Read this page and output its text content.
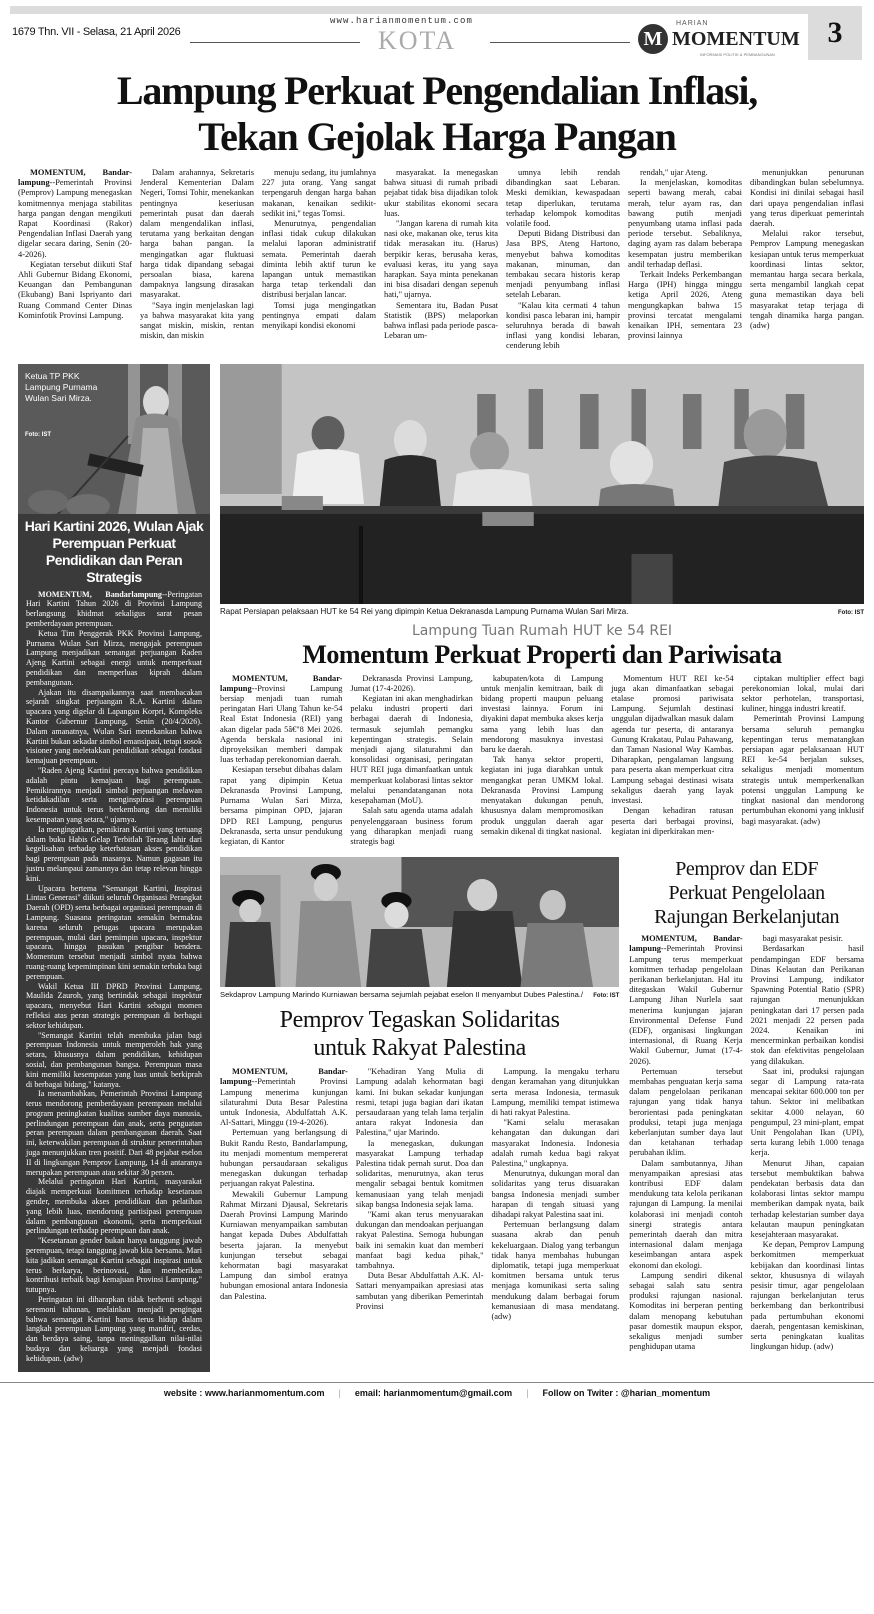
3
1679 Thn. VII - Selasa, 21 April 2026
www.harianmomentum.com
KOTA	M
HARIAN
MOMENTUM
INFORMASI POLITIK & PEMBANGUNAN
Lampung Perkuat Pengendalian Inflasi,
Tekan Gejolak Harga Pangan

MOMENTUM, Bandar-lampung--Pemerintah Provinsi (Pemprov) Lampung menegaskan komitmennya menjaga stabilitas harga pangan dengan mengikuti Rapat Koordinasi (Rakor) Pengendalian Inflasi Daerah yang digelar secara daring, Senin (20-4-2026).

Kegiatan tersebut diikuti Staf Ahli Gubernur Bidang Ekonomi, Keuangan dan Pembangunan (Ekubang) Bani Ispriyanto dari Ruang Command Center Dinas Kominfotik Provinsi Lampung.

Dalam arahannya, Sekretaris Jenderal Kementerian Dalam Negeri, Tomsi Tohir, menekankan pentingnya keseriusan pemerintah pusat dan daerah dalam mengendalikan inflasi, terutama yang berkaitan dengan harga bahan pangan. Ia mengingatkan agar fluktuasi harga tidak dipandang sebagai persoalan biasa, karena dampaknya langsung dirasakan masyarakat.

"Saya ingin menjelaskan lagi ya bahwa masyarakat kita yang sangat miskin, miskin, rentan miskin, dan miskin

menuju sedang, itu jumlahnya 227 juta orang. Yang sangat terpengaruh dengan harga bahan makanan, kenaikan sedikit-sedikit ini," tegas Tomsi.

Menurutnya, pengendalian inflasi tidak cukup dilakukan melalui laporan administratif semata. Pemerintah daerah diminta lebih aktif turun ke lapangan untuk memastikan harga tetap terkendali dan distribusi berjalan lancar.

Tomsi juga mengingatkan pentingnya empati dalam menyikapi kondisi ekonomi

masyarakat. Ia menegaskan bahwa situasi di rumah pribadi pejabat tidak bisa dijadikan tolok ukur stabilitas ekonomi secara luas.

"Jangan karena di rumah kita nasi oke, makanan oke, terus kita tidak merasakan itu. (Harus) berpikir keras, berusaha keras, evaluasi keras, itu yang saya harapkan. Saya minta penekanan ini bisa disadari dengan sepenuh hati," ujarnya.

Sementara itu, Badan Pusat Statistik (BPS) melaporkan bahwa inflasi pada periode pasca-Lebaran um-

umnya lebih rendah dibandingkan saat Lebaran. Meski demikian, kewaspadaan tetap diperlukan, terutama terhadap kelompok komoditas volatile food.

Deputi Bidang Distribusi dan Jasa BPS, Ateng Hartono, menyebut bahwa komoditas makanan, minuman, dan tembakau secara historis kerap menjadi penyumbang inflasi setelah Lebaran.

"Kalau kita cermati 4 tahun kondisi pasca lebaran ini, hampir seluruhnya berada di bawah inflasi yang kondisi lebaran, cenderung lebih

rendah," ujar Ateng.

Ia menjelaskan, komoditas seperti bawang merah, cabai merah, telur ayam ras, dan bawang putih menjadi penyumbang utama inflasi pada periode tersebut. Sebaliknya, daging ayam ras dalam beberapa kesempatan justru memberikan andil terhadap deflasi.

Terkait Indeks Perkembangan Harga (IPH) hingga minggu ketiga April 2026, Ateng mengungkapkan bahwa 15 provinsi tercatat mengalami kenaikan IPH, sementara 23 provinsi lainnya

menunjukkan penurunan dibandingkan bulan sebelumnya. Kondisi ini dinilai sebagai hasil dari upaya pengendalian inflasi yang terus diperkuat pemerintah daerah.

Melalui rakor tersebut, Pemprov Lampung menegaskan kesiapan untuk terus memperkuat koordinasi lintas sektor, memantau harga secara berkala, serta mengambil langkah cepat guna memastikan daya beli masyarakat tetap terjaga di tengah dinamika harga pangan. (adw)

Ketua TP PKK Lampung Purnama Wulan Sari Mirza.
Foto: IST
Hari Kartini 2026, Wulan Ajak Perempuan Perkuat Pendidikan dan Peran Strategis

MOMENTUM, Bandarlampung--Peringatan Hari Kartini Tahun 2026 di Provinsi Lampung berlangsung khidmat sekaligus sarat pesan pemberdayaan perempuan.

Ketua Tim Penggerak PKK Provinsi Lampung, Purnama Wulan Sari Mirza, mengajak perempuan Lampung menjadikan semangat perjuangan Raden Ajeng Kartini sebagai energi untuk memperkuat pendidikan dan memperluas kiprah dalam pembangunan.

Ajakan itu disampaikannya saat membacakan sejarah singkat perjuangan R.A. Kartini dalam upacara yang digelar di Lapangan Korpri, Kompleks Kantor Gubernur Lampung, Senin (20/4/2026). Dalam amanatnya, Wulan Sari menekankan bahwa Kartini bukan sekadar simbol emansipasi, tetapi sosok visioner yang meletakkan pendidikan sebagai fondasi kemajuan perempuan.

"Raden Ajeng Kartini percaya bahwa pendidikan adalah pintu kemajuan bagi perempuan. Pemikirannya menjadi simbol perjuangan melawan ketidakadilan serta menginspirasi perempuan Indonesia untuk terus berkembang dan memiliki kesempatan yang setara," ujarnya.

Ia mengingatkan, pemikiran Kartini yang tertuang dalam buku Habis Gelap Terbitlah Terang lahir dari kegelisahan terhadap keterbatasan akses pendidikan bagi perempuan pada masanya. Namun gagasan itu justru melampaui zamannya dan tetap relevan hingga kini.

Upacara bertema "Semangat Kartini, Inspirasi Lintas Generasi" diikuti seluruh Organisasi Perangkat Daerah (OPD) serta berbagai organisasi perempuan di Lampung. Suasana peringatan semakin bermakna karena seluruh petugas upacara merupakan perempuan, mulai dari pemimpin upacara, inspektur upacara, hingga pasukan pengibar bendera. Momentum tersebut menjadi simbol nyata bahwa ruang-ruang kepemimpinan kini semakin terbuka bagi perempuan.

Wakil Ketua III DPRD Provinsi Lampung, Maulida Zauroh, yang bertindak sebagai inspektur upacara, menyebut Hari Kartini sebagai momen refleksi atas peran strategis perempuan di berbagai sektor kehidupan.

"Semangat Kartini telah membuka jalan bagi perempuan Indonesia untuk memperoleh hak yang setara, khususnya dalam pendidikan, kehidupan sosial, dan pembangunan bangsa. Perempuan masa kini memiliki kesempatan yang luas untuk berkiprah di berbagai bidang," katanya.

Ia menambahkan, Pemerintah Provinsi Lampung terus mendorong pemberdayaan perempuan melalui program peningkatan kualitas sumber daya manusia, perlindungan perempuan dan anak, serta penguatan peran perempuan dalam pembangunan daerah. Saat ini, keterwakilan perempuan di struktur pemerintahan juga menunjukkan tren positif. Dari 48 pejabat eselon II di lingkungan Pemprov Lampung, 14 di antaranya merupakan perempuan atau sekitar 30 persen.

Melalui peringatan Hari Kartini, masyarakat diajak memperkuat komitmen terhadap kesetaraan gender, membuka akses pendidikan dan pelatihan yang lebih luas, mendorong partisipasi perempuan dalam pembangunan ekonomi, serta memperkuat perlindungan terhadap perempuan dan anak.

"Kesetaraan gender bukan hanya tanggung jawab perempuan, tetapi tanggung jawab kita bersama. Mari kita jadikan semangat Kartini sebagai inspirasi untuk terus berkarya, berinovasi, dan memberikan kontribusi terbaik bagi kemajuan Provinsi Lampung," tutupnya.

Peringatan ini diharapkan tidak berhenti sebagai seremoni tahunan, melainkan menjadi pengingat bahwa semangat Kartini harus terus hidup dalam langkah perempuan Lampung yang mandiri, cerdas, dan berdaya saing, tanpa meninggalkan nilai-nilai budaya dan keluarga yang menjadi fondasi kehidupan. (adw)

Rapat Persiapan pelaksaan HUT ke 54 Rei yang dipimpin Ketua Dekranasda Lampung Purnama Wulan Sari Mirza.	Foto: IST
Lampung Tuan Rumah HUT ke 54 REI
Momentum Perkuat Properti dan Pariwisata

MOMENTUM, Bandar-lampung--Provinsi Lampung bersiap menjadi tuan rumah peringatan Hari Ulang Tahun ke-54 Real Estat Indonesia (REI) yang akan digelar pada 5â€"8 Mei 2026. Agenda berskala nasional ini diproyeksikan memberi dampak luas terhadap perekonomian daerah.

Kesiapan tersebut dibahas dalam rapat yang dipimpin Ketua Dekranasda Provinsi Lampung, Purnama Wulan Sari Mirza, bersama pimpinan OPD, jajaran DPD REI Lampung, pengurus Dekranasda, serta unsur pendukung kegiatan, di Kantor

Dekranasda Provinsi Lampung, Jumat (17-4-2026).

Kegiatan ini akan menghadirkan pelaku industri properti dari berbagai daerah di Indonesia, termasuk sejumlah pemangku kepentingan strategis. Selain menjadi ajang silaturahmi dan konsolidasi organisasi, peringatan HUT REI juga dimanfaatkan untuk memperkuat kolaborasi lintas sektor melalui penandatanganan nota kesepahaman (MoU).

Salah satu agenda utama adalah penyelenggaraan business forum yang diharapkan menjadi ruang strategis bagi

kabupaten/kota di Lampung untuk menjalin kemitraan, baik di bidang properti maupun peluang investasi lainnya. Forum ini diyakini dapat membuka akses kerja sama yang lebih luas dan mendorong masuknya investasi baru ke daerah.

Tak hanya sektor properti, kegiatan ini juga diarahkan untuk mengangkat peran UMKM lokal. Dekranasda Provinsi Lampung menyatakan dukungan penuh, khususnya dalam mempromosikan produk unggulan daerah agar semakin dikenal di tingkat nasional.

Momentum HUT REI ke-54 juga akan dimanfaatkan sebagai etalase promosi pariwisata Lampung. Sejumlah destinasi unggulan dijadwalkan masuk dalam agenda tur peserta, di antaranya Gunung Krakatau, Pulau Pahawang, dan Taman Nasional Way Kambas. Diharapkan, pengalaman langsung para peserta akan memperkuat citra Lampung sebagai destinasi wisata sekaligus daerah yang layak investasi.

Dengan kehadiran ratusan peserta dari berbagai provinsi, kegiatan ini diperkirakan men-

ciptakan multiplier effect bagi perekonomian lokal, mulai dari sektor perhotelan, transportasi, kuliner, hingga industri kreatif.

Pemerintah Provinsi Lampung bersama seluruh pemangku kepentingan terus mematangkan persiapan agar pelaksanaan HUT REI ke-54 berjalan sukses, sekaligus menjadi momentum strategis untuk memperkenalkan potensi unggulan Lampung ke tingkat nasional dan mendorong pertumbuhan ekonomi yang inklusif bagi masyarakat. (adw)

Sekdaprov Lampung Marindo Kurniawan bersama sejumlah pejabat eselon II menyambut Dubes Palestina./ Foto: IST
Pemprov Tegaskan Solidaritas
untuk Rakyat Palestina

MOMENTUM, Bandar-lampung--Pemerintah Provinsi Lampung menerima kunjungan silaturahmi Duta Besar Palestina untuk Indonesia, Abdulfattah A.K. Al-Sattari, Minggu (19-4-2026).

Pertemuan yang berlangsung di Bukit Randu Resto, Bandarlampung, itu menjadi momentum mempererat hubungan persaudaraan sekaligus menegaskan dukungan terhadap perjuangan rakyat Palestina.

Mewakili Gubernur Lampung Rahmat Mirzani Djausal, Sekretaris Daerah Provinsi Lampung Marindo Kurniawan menyampaikan sambutan hangat kepada Dubes Abdulfattah beserta jajaran. Ia menyebut kunjungan tersebut sebagai kehormatan bagi masyarakat Lampung dan simbol eratnya hubungan emosional antara Indonesia dan Palestina.

"Kehadiran Yang Mulia di Lampung adalah kehormatan bagi kami. Ini bukan sekadar kunjungan resmi, tetapi juga bagian dari ikatan persaudaraan yang telah lama terjalin antara rakyat Indonesia dan Palestina," ujar Marindo.

Ia menegaskan, dukungan masyarakat Lampung terhadap Palestina tidak pernah surut. Doa dan solidaritas, menurutnya, akan terus mengalir sebagai bentuk komitmen kemanusiaan yang telah menjadi sikap bangsa Indonesia sejak lama.

"Kami akan terus menyuarakan dukungan dan mendoakan perjuangan rakyat Palestina. Semoga hubungan baik ini semakin kuat dan memberi manfaat bagi kedua pihak," tambahnya.

Duta Besar Abdulfattah A.K. Al-Sattari menyampaikan apresiasi atas sambutan yang diberikan Pemerintah Provinsi

Lampung. Ia mengaku terharu dengan keramahan yang ditunjukkan serta merasa Indonesia, termasuk Lampung, memiliki tempat istimewa di hati rakyat Palestina.

"Kami selalu merasakan kehangatan dan dukungan dari masyarakat Indonesia. Indonesia adalah rumah kedua bagi rakyat Palestina," ungkapnya.

Menurutnya, dukungan moral dan solidaritas yang terus disuarakan bangsa Indonesia menjadi sumber harapan di tengah situasi yang dihadapi rakyat Palestina saat ini.

Pertemuan berlangsung dalam suasana akrab dan penuh kekeluargaan. Dialog yang terbangun tidak hanya membahas hubungan diplomatik, tetapi juga memperkuat komitmen bersama untuk terus menjaga komunikasi serta saling mendukung dalam berbagai forum kemanusiaan di masa mendatang. (adw)

Pemprov dan EDF
Perkuat Pengelolaan
Rajungan Berkelanjutan

MOMENTUM, Bandar-lampung--Pemerintah Provinsi Lampung terus memperkuat komitmen terhadap pengelolaan perikanan berkelanjutan. Hal itu ditegaskan Wakil Gubernur Lampung Jihan Nurlela saat menerima kunjungan jajaran Environmental Defense Fund (EDF), organisasi lingkungan internasional, di Ruang Kerja Wakil Gubernur, Jumat (17-4-2026).

Pertemuan tersebut membahas penguatan kerja sama dalam pengelolaan perikanan rajungan yang tidak hanya berorientasi pada peningkatan produksi, tetapi juga menjaga keberlanjutan sumber daya laut dan ketahanan terhadap perubahan iklim.

Dalam sambutannya, Jihan menyampaikan apresiasi atas kontribusi EDF dalam mendukung tata kelola perikanan rajungan di Lampung. Ia menilai kolaborasi ini menjadi contoh sinergi strategis antara pemerintah daerah dan mitra internasional dalam menjaga keseimbangan antara aspek ekonomi dan ekologi.

Lampung sendiri dikenal sebagai salah satu sentra produksi rajungan nasional. Komoditas ini berperan penting dalam menopang kebutuhan pasar domestik maupun ekspor, sekaligus menjadi sumber penghidupan utama

bagi masyarakat pesisir.

Berdasarkan hasil pendampingan EDF bersama Dinas Kelautan dan Perikanan Provinsi Lampung, indikator Spawning Potential Ratio (SPR) rajungan menunjukkan peningkatan dari 17 persen pada 2021 menjadi 22 persen pada 2024. Kenaikan ini mencerminkan perbaikan kondisi stok dan efektivitas pengelolaan yang dilakukan.

Saat ini, produksi rajungan segar di Lampung rata-rata mencapai sekitar 600.000 ton per tahun. Sektor ini melibatkan sekitar 4.000 nelayan, 60 pengumpul, 23 mini-plant, empat Unit Pengolahan Ikan (UPI), serta kurang lebih 1.000 tenaga kerja.

Menurut Jihan, capaian tersebut membuktikan bahwa pendekatan berbasis data dan kolaborasi lintas sektor mampu memberikan dampak nyata, baik terhadap kelestarian sumber daya kelautan maupun peningkatan kesejahteraan masyarakat.

Ke depan, Pemprov Lampung berkomitmen memperkuat kebijakan dan koordinasi lintas sektor, khususnya di wilayah pesisir timur, agar pengelolaan rajungan berkelanjutan terus berkembang dan berkontribusi pada pertumbuhan ekonomi daerah, pengentasan kemiskinan, serta peningkatan kualitas lingkungan hidup. (adw)

website : www.harianmomentum.com | email: harianmomentum@gmail.com | Follow on Twiter : @harian_momentum
